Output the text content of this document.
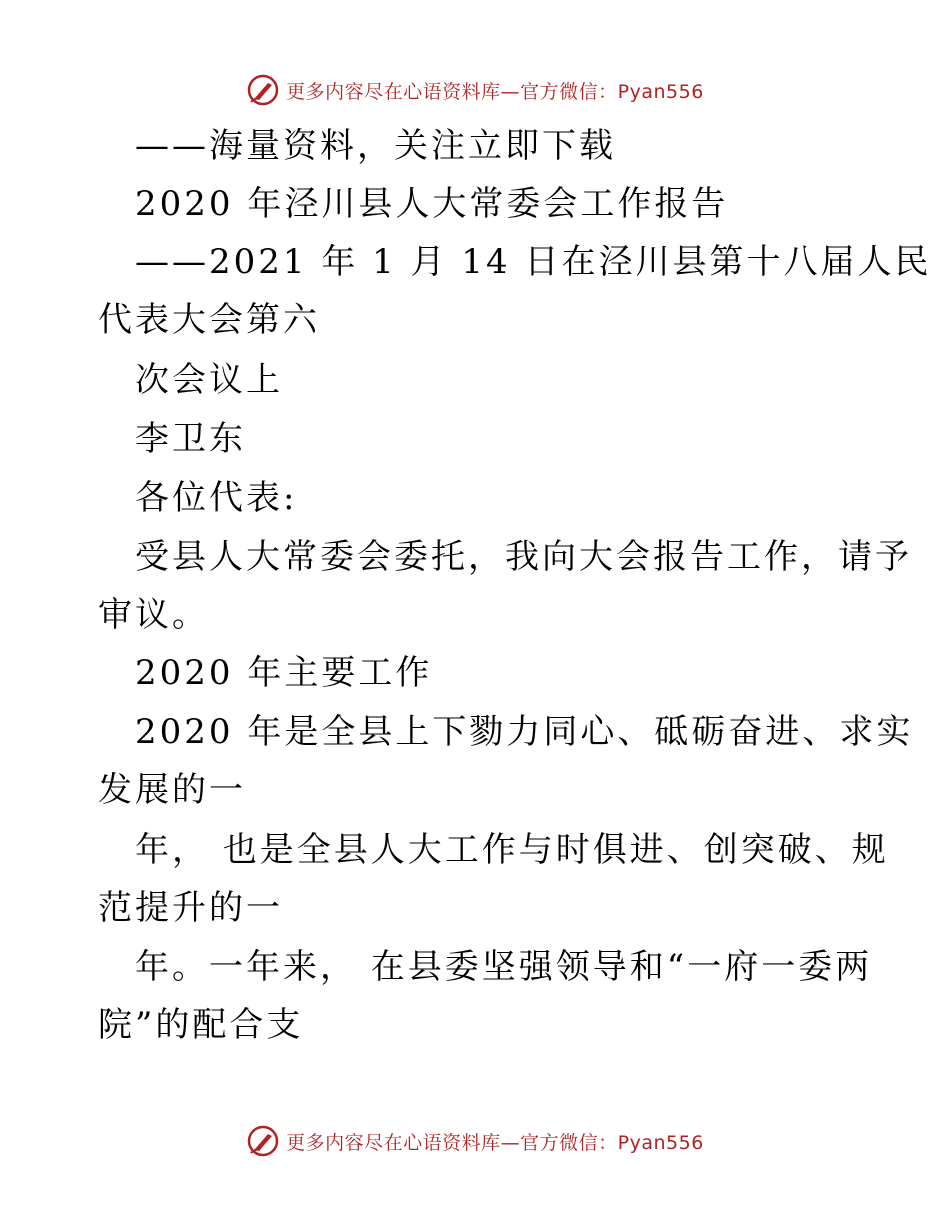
更多内容尽在心语资料库—官方微信：Pyan556
——海量资料，关注立即下载
2020 年泾川县人大常委会工作报告
——2021 年 1 月 14 日在泾川县第十八届人民
代表大会第六
次会议上
李卫东
各位代表:
受县人大常委会委托，我向大会报告工作，请予
审议。
2020 年主要工作
2020 年是全县上下勠力同心、砥砺奋进、求实
发展的一
年， 也是全县人大工作与时俱进、创突破、规
范提升的一
年。一年来， 在县委坚强领导和“一府一委两
院”的配合支
更多内容尽在心语资料库—官方微信：Pyan556
